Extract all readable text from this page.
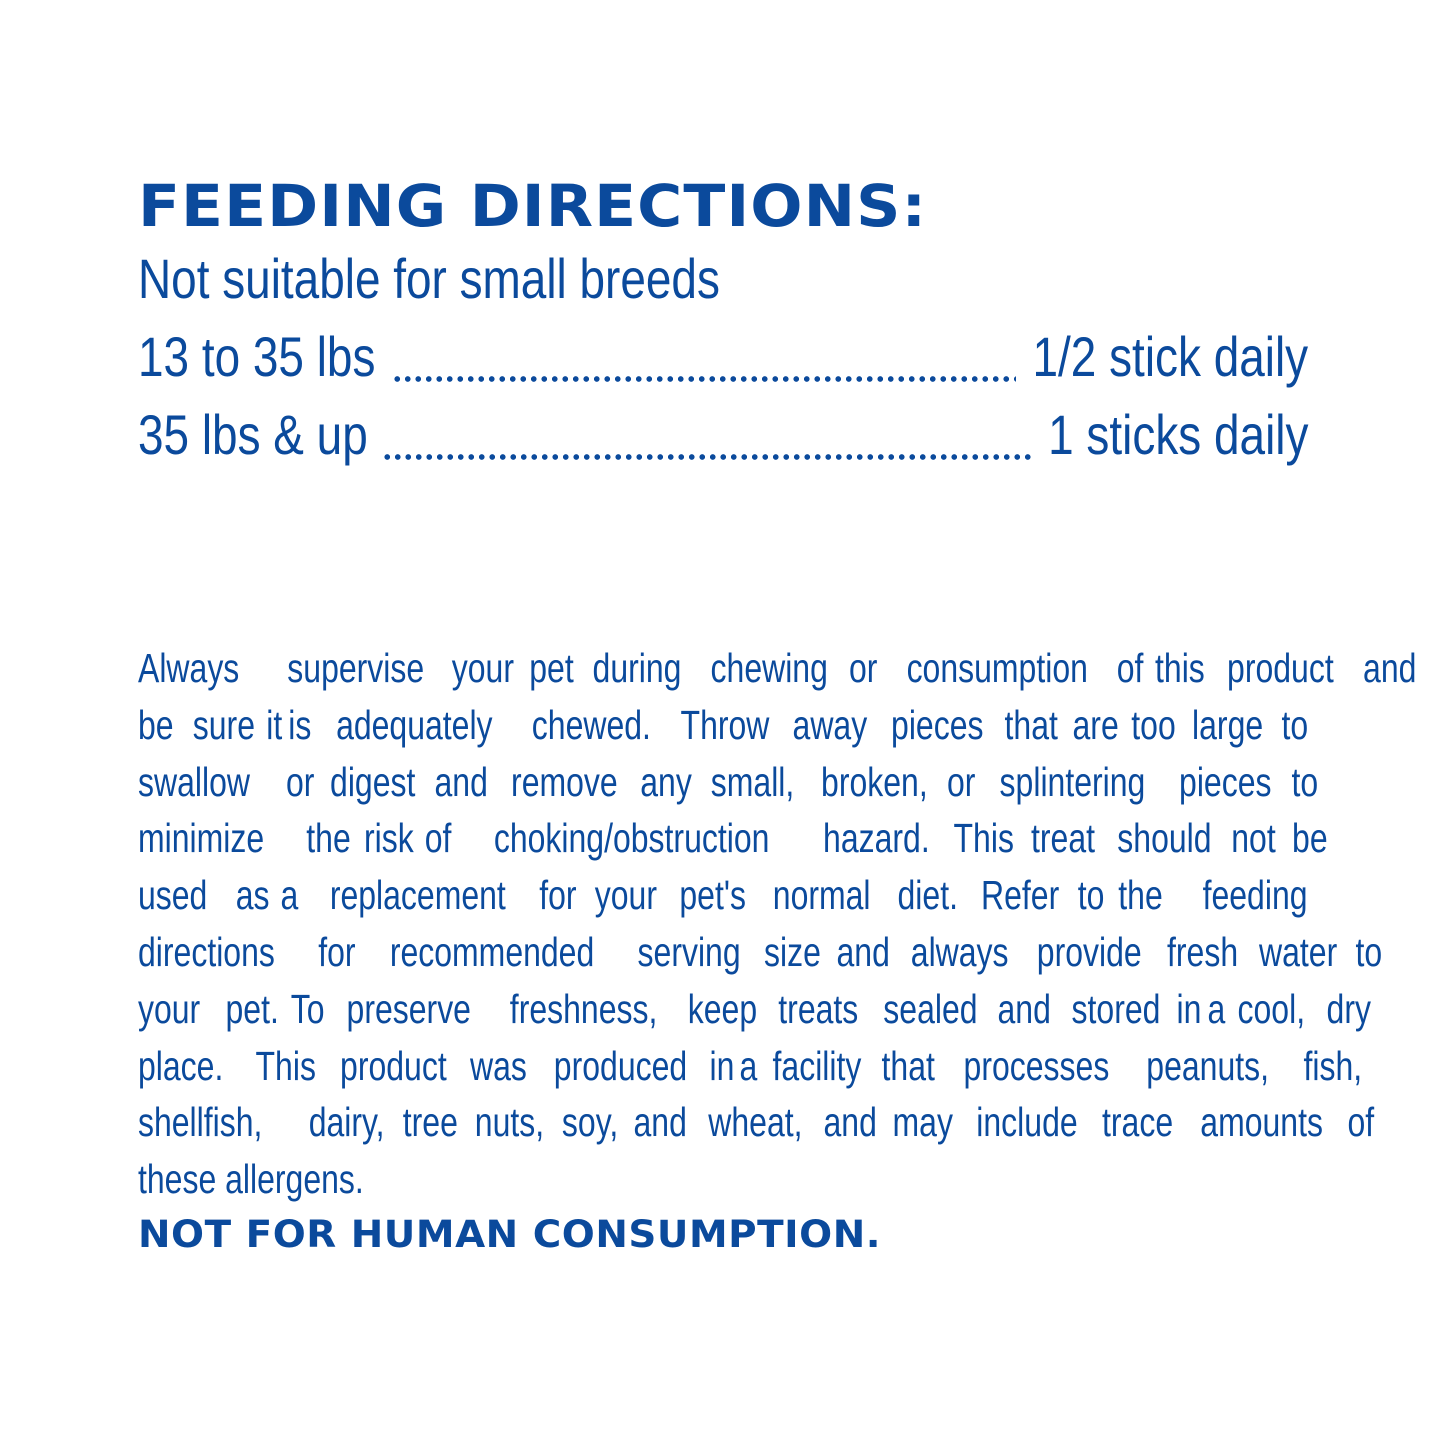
FEEDING DIRECTIONS:
Not suitable for small breeds
13 to 35 lbs	1/2 stick daily
35 lbs & up	1 sticks daily
Always supervise your pet during chewing or consumption of this product and
be sure it is adequately chewed. Throw away pieces that are too large to
swallow or digest and remove any small, broken, or splintering pieces to
minimize the risk of choking/obstruction hazard. This treat should not be
used as a replacement for your pet's normal diet. Refer to the feeding
directions for recommended serving size and always provide fresh water to
your pet. To preserve freshness, keep treats sealed and stored in a cool, dry
place. This product was produced in a facility that processes peanuts, fish,
shellfish, dairy, tree nuts, soy, and wheat, and may include trace amounts of
these allergens.
NOT FOR HUMAN CONSUMPTION.
